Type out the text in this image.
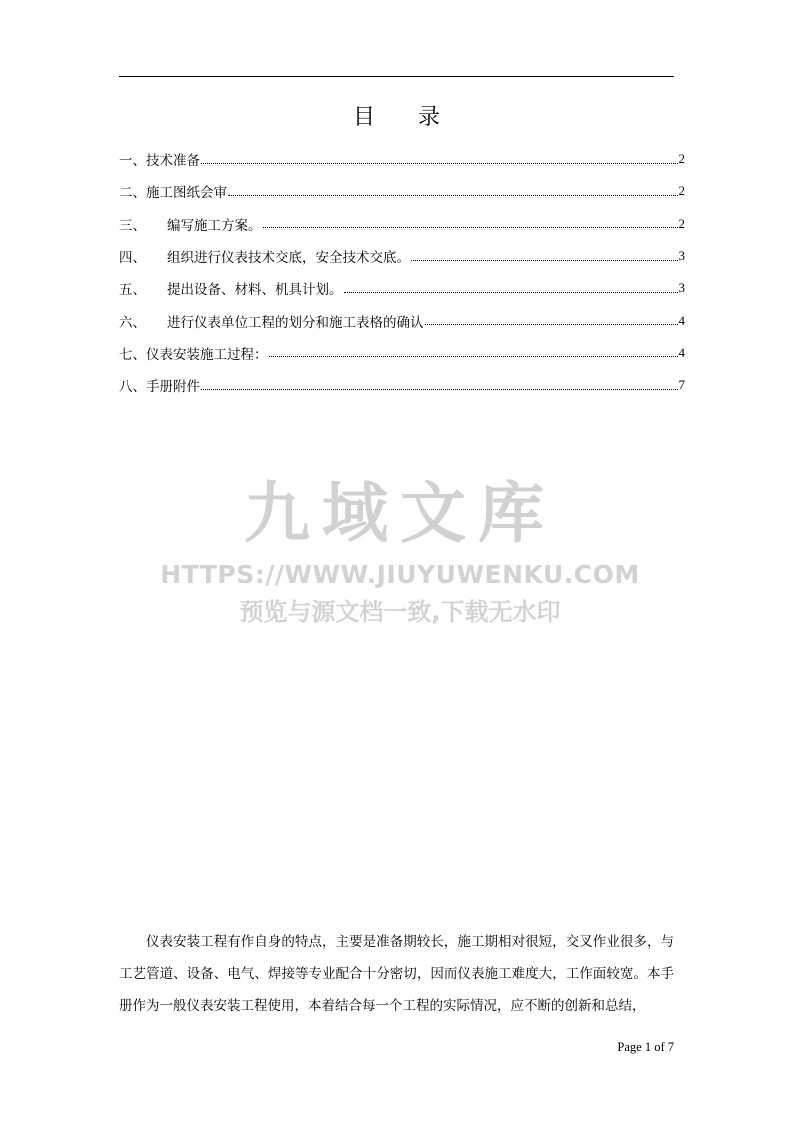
目 录
一、 技术准备	2
二、 施工图纸会审	2
三、	编写施工方案。	2
四、	组织进行仪表技术交底，安全技术交底。	3
五、	提出设备、材料、机具计划。	3
六、	进行仪表单位工程的划分和施工表格的确认	4
七、 仪表安装施工过程：	4
八、 手册附件	7
九域文库
HTTPS://WWW.JIUYUWENKU.COM
预览与源文档一致,下载无水印

仪表安装工程有作自身的特点，主要是准备期较长，施工期相对很短，交叉作业很多，与工艺管道、设备、电气、焊接等专业配合十分密切，因而仪表施工难度大，工作面较宽。本手册作为一般仪表安装工程使用，本着结合每一个工程的实际情况，应不断的创新和总结，

Page 1 of 7
